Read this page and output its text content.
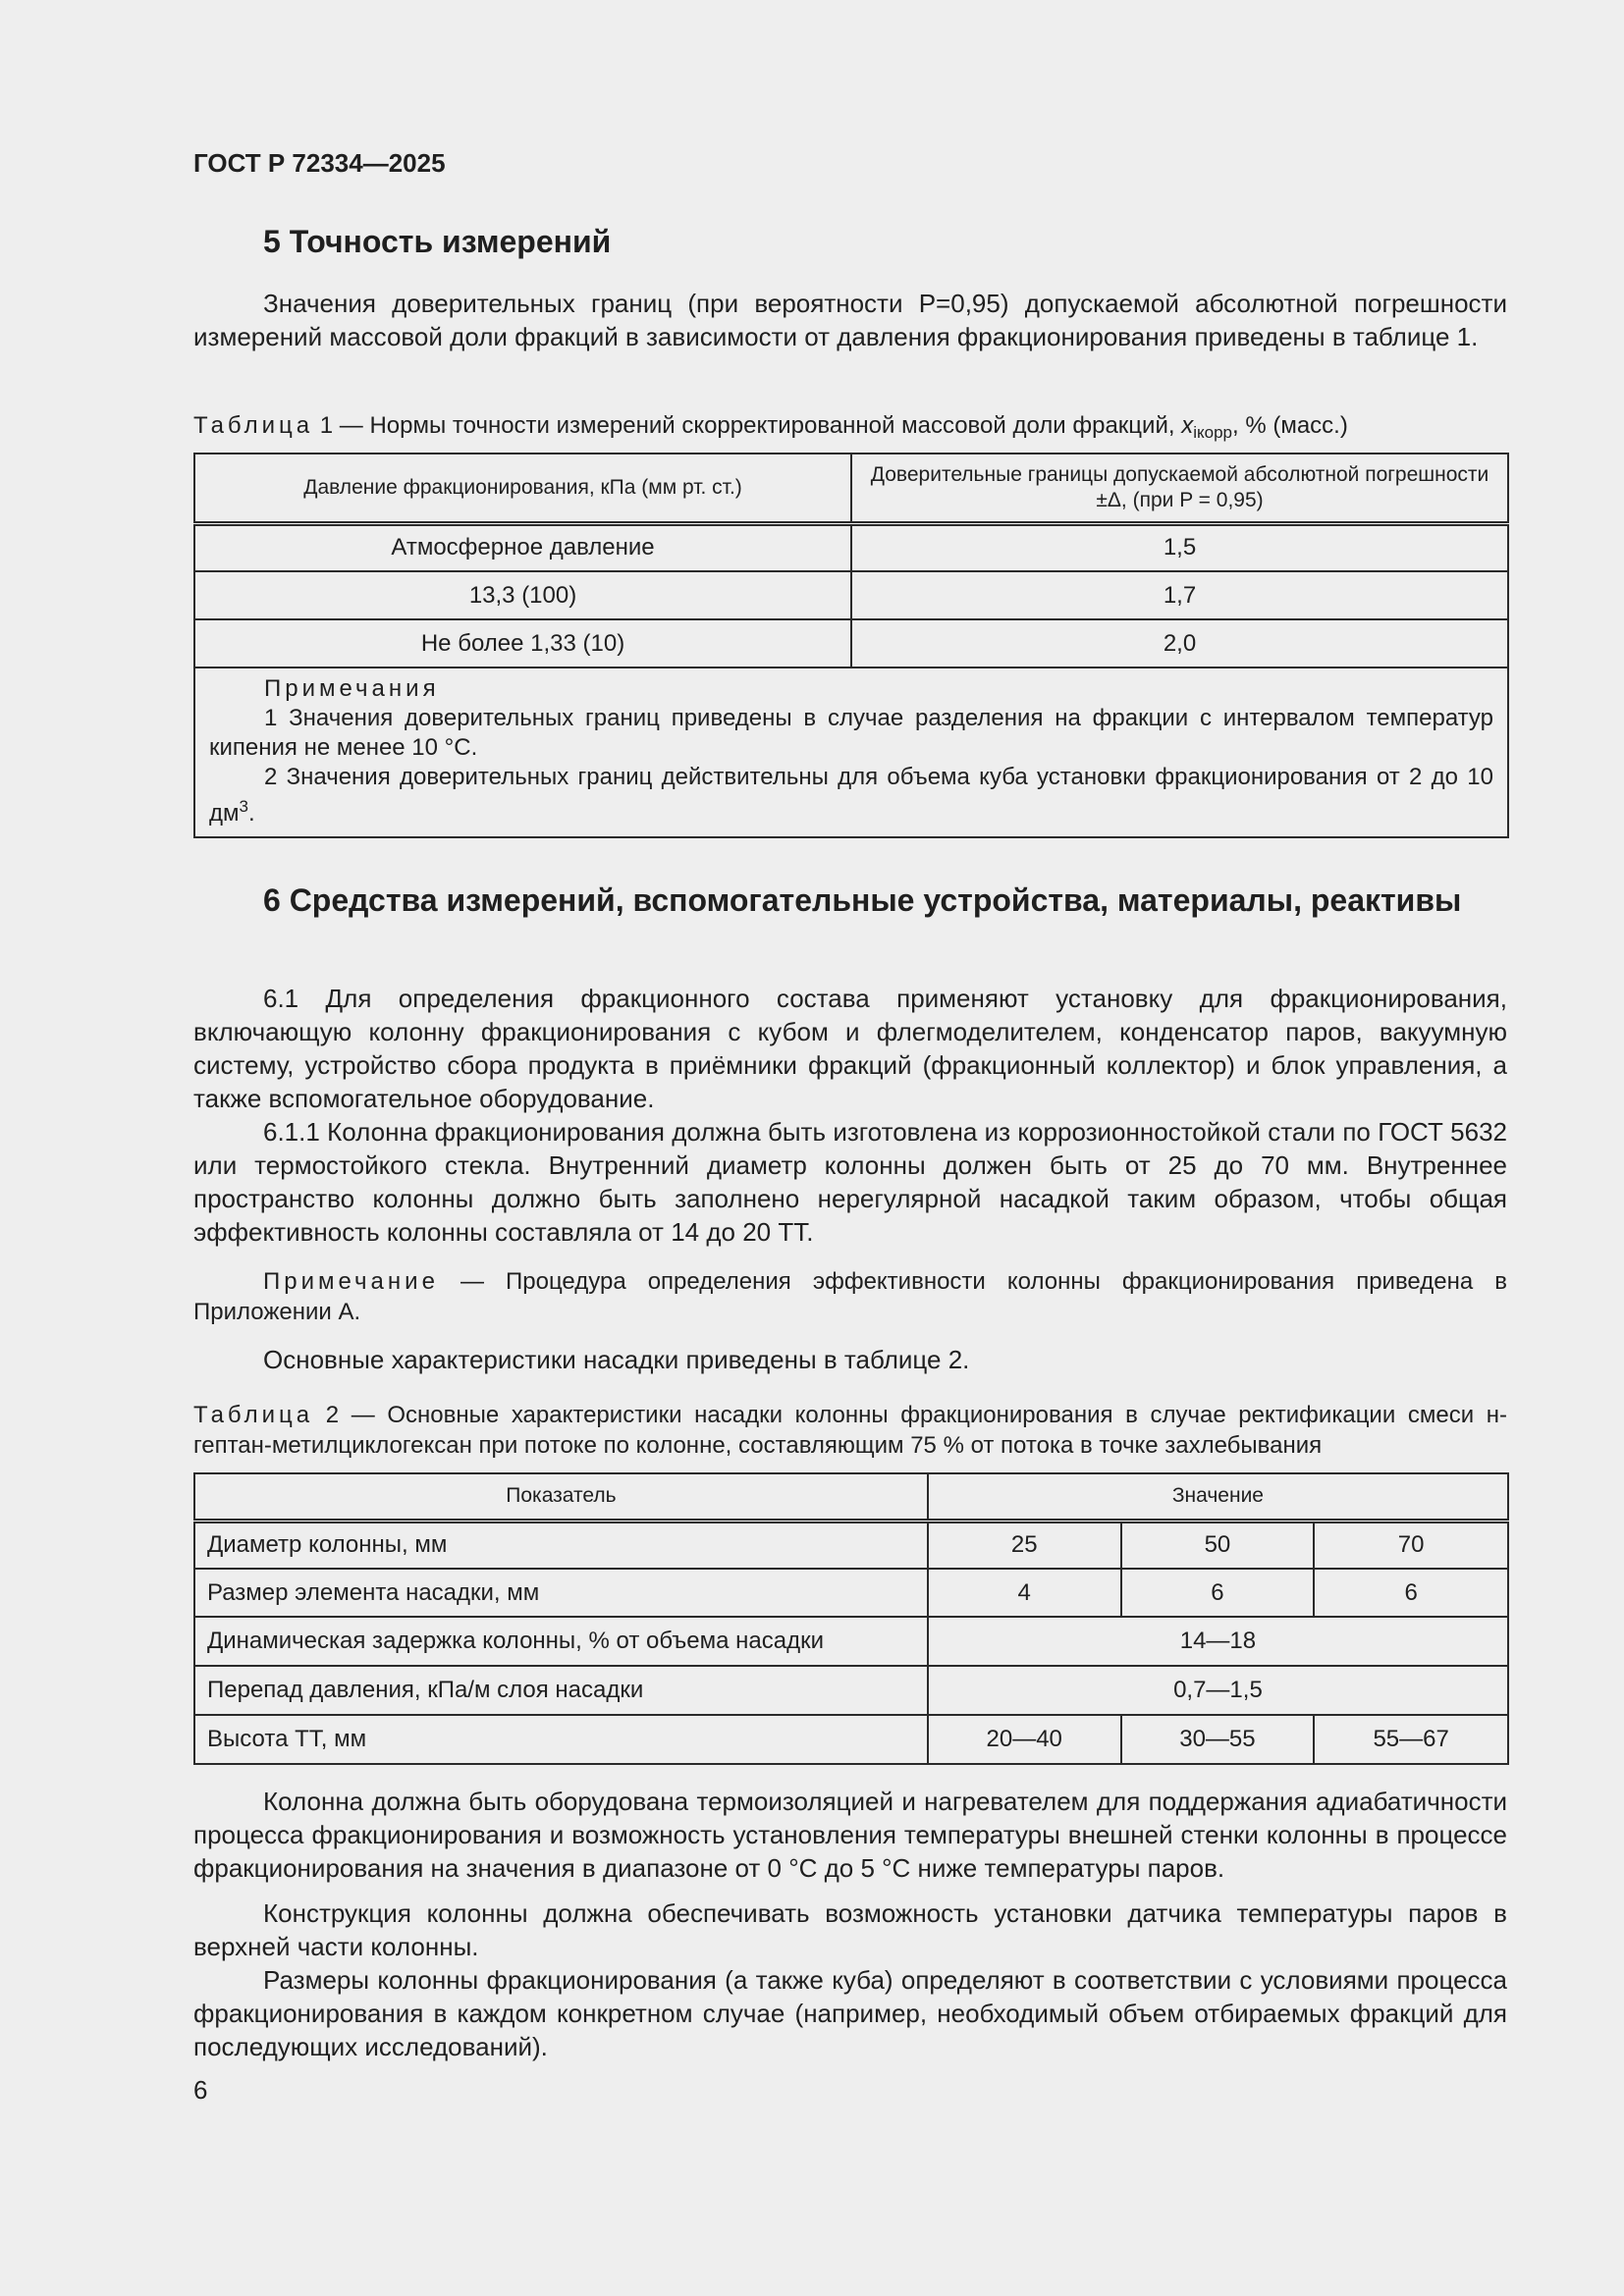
ГОСТ Р 72334—2025
5 Точность измерений
Значения доверительных границ (при вероятности P=0,95) допускаемой абсолютной погрешности измерений массовой доли фракций в зависимости от давления фракционирования приведены в таблице 1.
Таблица 1 — Нормы точности измерений скорректированной массовой доли фракций, $x_{iкорр}$, % (масс.)
Давление фракционирования, кПа (мм рт. ст.)	Доверительные границы допускаемой абсолютной погрешности ±Δ, (при P = 0,95)
Атмосферное давление	1,5
13,3 (100)	1,7
Не более 1,33 (10)	2,0

Примечания
1 Значения доверительных границ приведены в случае разделения на фракции с интервалом температур кипения не менее 10 °С.
2 Значения доверительных границ действительны для объема куба установки фракционирования от 2 до 10 $дм^3$.	
6 Средства измерений, вспомогательные устройства, материалы, реактивы
6.1 Для определения фракционного состава применяют установку для фракционирования, включающую колонну фракционирования с кубом и флегмоделителем, конденсатор паров, вакуумную систему, устройство сбора продукта в приёмники фракций (фракционный коллектор) и блок управления, а также вспомогательное оборудование.
6.1.1 Колонна фракционирования должна быть изготовлена из коррозионностойкой стали по ГОСТ 5632 или термостойкого стекла. Внутренний диаметр колонны должен быть от 25 до 70 мм. Внутреннее пространство колонны должно быть заполнено нерегулярной насадкой таким образом, чтобы общая эффективность колонны составляла от 14 до 20 ТТ.
Примечание — Процедура определения эффективности колонны фракционирования приведена в Приложении А.
Основные характеристики насадки приведены в таблице 2.
Таблица 2 — Основные характеристики насадки колонны фракционирования в случае ректификации смеси н-гептан-метилциклогексан при потоке по колонне, составляющим 75 % от потока в точке захлебывания
Показатель	Значение		
Диаметр колонны, мм	25	50	70
Размер элемента насадки, мм	4	6	6
Динамическая задержка колонны, % от объема насадки	14—18		
Перепад давления, кПа/м слоя насадки	0,7—1,5		
Высота ТТ, мм	20—40	30—55	55—67
Колонна должна быть оборудована термоизоляцией и нагревателем для поддержания адиабатичности процесса фракционирования и возможность установления температуры внешней стенки колонны в процессе фракционирования на значения в диапазоне от 0 °С до 5 °С ниже температуры паров.
Конструкция колонны должна обеспечивать возможность установки датчика температуры паров в верхней части колонны.
Размеры колонны фракционирования (а также куба) определяют в соответствии с условиями процесса фракционирования в каждом конкретном случае (например, необходимый объем отбираемых фракций для последующих исследований).
6
